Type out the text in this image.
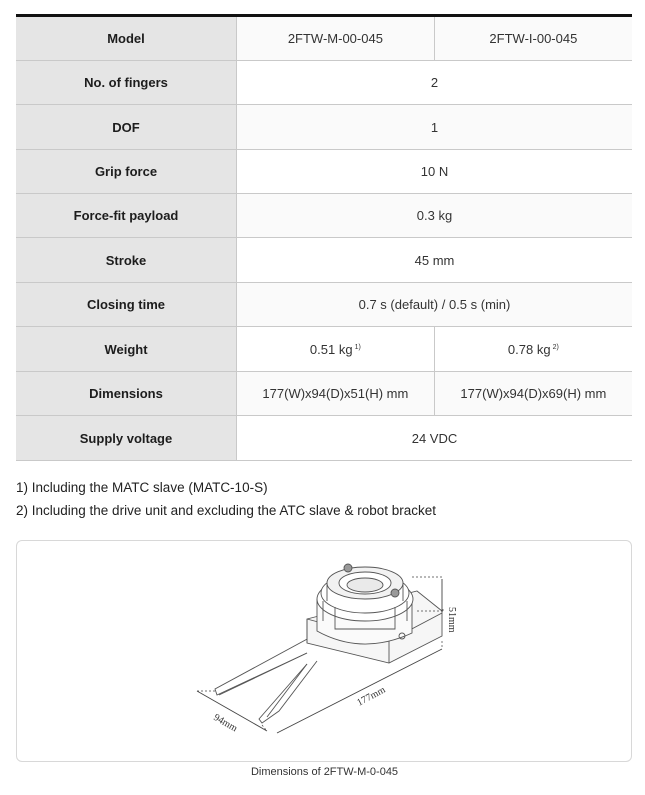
Model	2FTW-M-00-045	2FTW-I-00-045
No. of fingers	2	
DOF	1	
Grip force	10 N	
Force-fit payload	0.3 kg	
Stroke	45 mm	
Closing time	0.7 s (default) / 0.5 s (min)	
Weight	0.51 kg $^{1)}$	0.78 kg $^{2)}$
Dimensions	177(W)x94(D)x51(H) mm	177(W)x94(D)x69(H) mm
Supply voltage	24 VDC	
1) Including the MATC slave (MATC-10-S)
2) Including the drive unit and excluding the ATC slave & robot bracket
51mm
177mm
94mm
Dimensions of 2FTW-M-0-045
